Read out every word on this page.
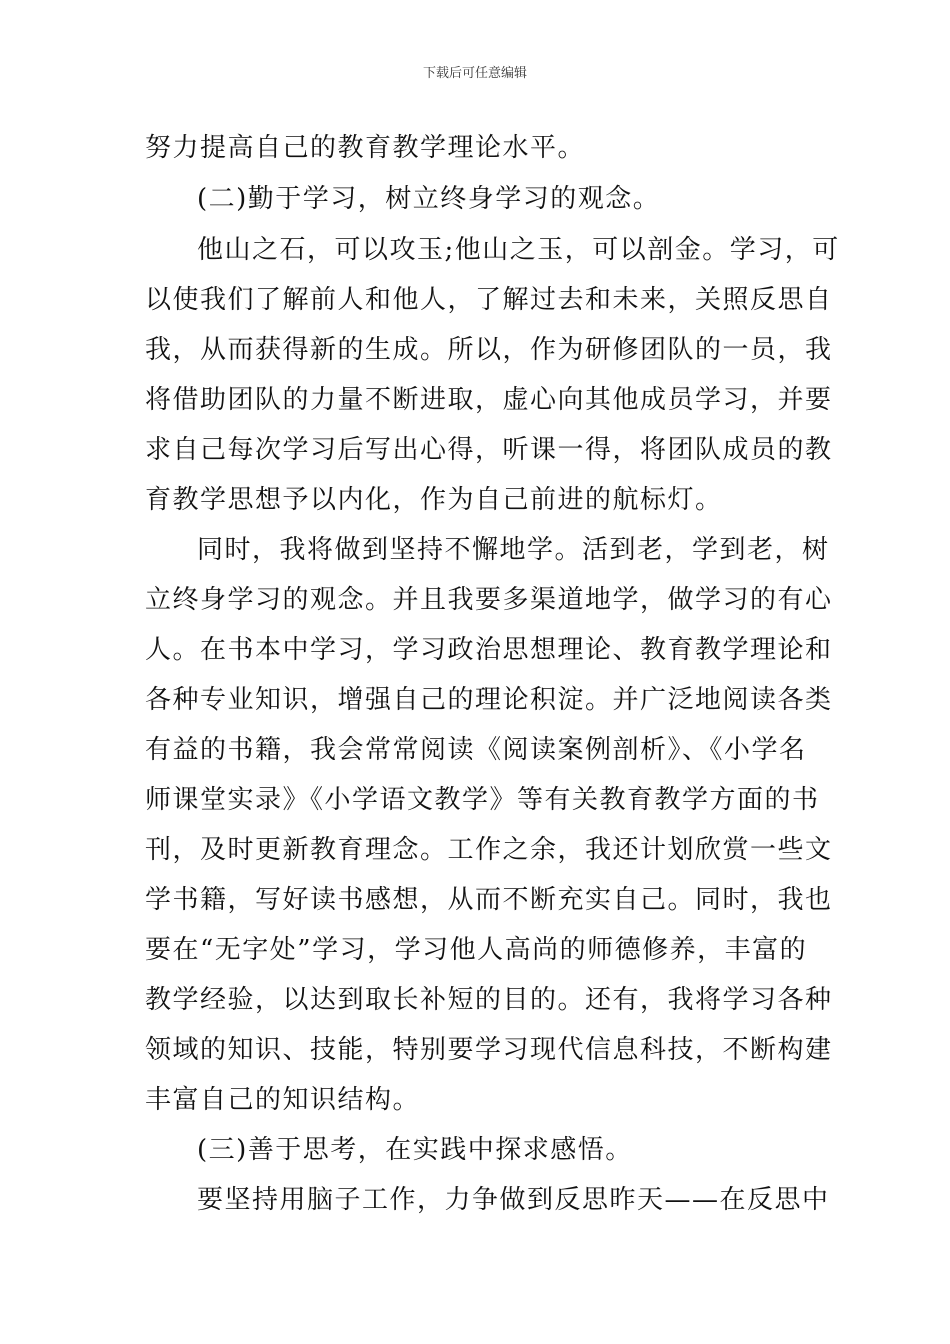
下载后可任意编辑
努力提高自己的教育教学理论水平。
(二)勤于学习，树立终身学习的观念。
他山之石，可以攻玉;他山之玉，可以剖金。学习，可
以使我们了解前人和他人，了解过去和未来，关照反思自
我，从而获得新的生成。所以，作为研修团队的一员，我
将借助团队的力量不断进取，虚心向其他成员学习，并要
求自己每次学习后写出心得，听课一得，将团队成员的教
育教学思想予以内化，作为自己前进的航标灯。
同时，我将做到坚持不懈地学。活到老，学到老，树
立终身学习的观念。并且我要多渠道地学，做学习的有心
人。在书本中学习，学习政治思想理论、教育教学理论和
各种专业知识，增强自己的理论积淀。并广泛地阅读各类
有益的书籍，我会常常阅读《阅读案例剖析》、《小学名
师课堂实录》《小学语文教学》等有关教育教学方面的书
刊，及时更新教育理念。工作之余，我还计划欣赏一些文
学书籍，写好读书感想，从而不断充实自己。同时，我也
要在“无字处”学习，学习他人高尚的师德修养，丰富的
教学经验，以达到取长补短的目的。还有，我将学习各种
领域的知识、技能，特别要学习现代信息科技，不断构建
丰富自己的知识结构。
(三)善于思考，在实践中探求感悟。
要坚持用脑子工作，力争做到反思昨天——在反思中
